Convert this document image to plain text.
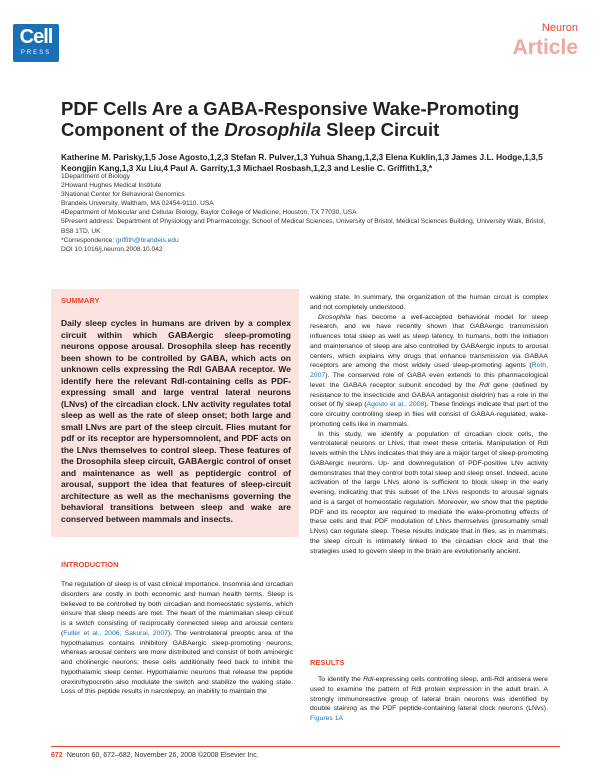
Cell
PRESS
Neuron
Article
PDF Cells Are a GABA-Responsive Wake-Promoting
Component of the Drosophila Sleep Circuit
Katherine M. Parisky,1,5 Jose Agosto,1,2,3 Stefan R. Pulver,1,3 Yuhua Shang,1,2,3 Elena Kuklin,1,3 James J.L. Hodge,1,3,5 Keongjin Kang,1,3 Xu Liu,4 Paul A. Garrity,1,3 Michael Rosbash,1,2,3 and Leslie C. Griffith1,3,*
1Department of Biology
2Howard Hughes Medical Institute
3National Center for Behavioral Genomics
Brandeis University, Waltham, MA 02454-9110, USA
4Department of Molecular and Cellular Biology, Baylor College of Medicine, Houston, TX 77030, USA
5Present address: Department of Physiology and Pharmacology, School of Medical Sciences, University of Bristol, Medical Sciences Building, University Walk, Bristol,
BS8 1TD, UK
*Correspondence: griffith@brandeis.edu
DOI 10.1016/j.neuron.2008.10.042
SUMMARY
Daily sleep cycles in humans are driven by a complex circuit within which GABAergic sleep-promoting neurons oppose arousal. Drosophila sleep has recently been shown to be controlled by GABA, which acts on unknown cells expressing the Rdl GABAA receptor. We identify here the relevant Rdl-containing cells as PDF-expressing small and large ventral lateral neurons (LNvs) of the circadian clock. LNv activity regulates total sleep as well as the rate of sleep onset; both large and small LNvs are part of the sleep circuit. Flies mutant for pdf or its receptor are hypersomnolent, and PDF acts on the LNvs themselves to control sleep. These features of the Drosophila sleep circuit, GABAergic control of onset and maintenance as well as peptidergic control of arousal, support the idea that features of sleep-circuit architecture as well as the mechanisms governing the behavioral transitions between sleep and wake are conserved between mammals and insects.
INTRODUCTION
The regulation of sleep is of vast clinical importance. Insomnia and circadian disorders are costly in both economic and human health terms. Sleep is believed to be controlled by both circadian and homeostatic systems, which ensure that sleep needs are met. The heart of the mammalian sleep circuit is a switch consisting of reciprocally connected sleep and arousal centers (Fuller et al., 2006; Sakurai, 2007). The ventrolateral preoptic area of the hypothalamus contains inhibitory GABAergic sleep-promoting neurons, whereas arousal centers are more distributed and consist of both aminergic and cholinergic neurons; these cells additionally feed back to inhibit the hypothalamic sleep center. Hypothalamic neurons that release the peptide orexin/hypocretin also modulate the switch and stabilize the waking state. Loss of this peptide results in narcolepsy, an inability to maintain the
waking state. In summary, the organization of the human circuit is complex and not completely understood.
Drosophila has become a well-accepted behavioral model for sleep research, and we have recently shown that GABAergic transmission influences total sleep as well as sleep latency. In humans, both the initiation and maintenance of sleep are also controlled by GABAergic inputs to arousal centers, which explains why drugs that enhance transmission via GABAA receptors are among the most widely used sleep-promoting agents (Roth, 2007). The conserved role of GABA even extends to this pharmacological level: the GABAA receptor subunit encoded by the Rdl gene (defined by resistance to the insecticide and GABAA antagonist dieldrin) has a role in the onset of fly sleep (Agosto et al., 2008). These findings indicate that part of the core circuitry controlling sleep in flies will consist of GABAA-regulated, wake-promoting cells like in mammals.
In this study, we identify a population of circadian clock cells, the ventrolateral neurons or LNvs, that meet these criteria. Manipulation of Rdl levels within the LNvs indicates that they are a major target of sleep-promoting GABAergic neurons. Up- and downregulation of PDF-positive LNv activity demonstrates that they control both total sleep and sleep onset. Indeed, acute activation of the large LNvs alone is sufficient to block sleep in the early evening, indicating that this subset of the LNvs responds to arousal signals and is a target of homeostatic regulation. Moreover, we show that the peptide PDF and its receptor are required to mediate the wake-promoting effects of these cells and that PDF modulation of LNvs themselves (presumably small LNvs) can regulate sleep. These results indicate that in flies, as in mammals, the sleep circuit is intimately linked to the circadian clock and that the strategies used to govern sleep in the brain are evolutionarily ancient.
RESULTS
To identify the Rdl-expressing cells controlling sleep, anti-Rdl antisera were used to examine the pattern of Rdl protein expression in the adult brain. A strongly immunoreactive group of lateral brain neurons was identified by double staining as the PDF peptide-containing lateral clock neurons (LNvs). Figures 1A
672 Neuron 60, 672–682, November 26, 2008 ©2008 Elsevier Inc.
